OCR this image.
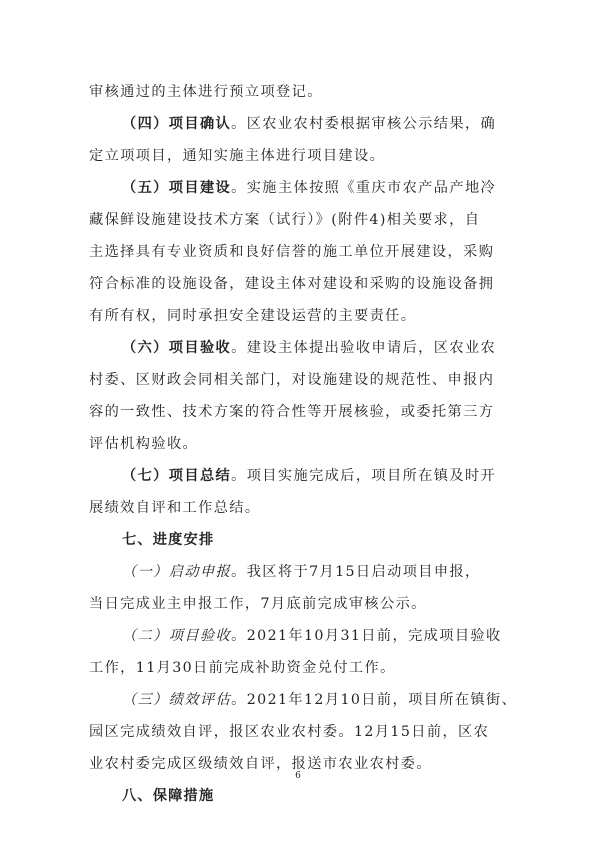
审核通过的主体进行预立项登记。
（四）项目确认。区农业农村委根据审核公示结果，确
定立项项目，通知实施主体进行项目建设。
（五）项目建设。实施主体按照《重庆市农产品产地冷
藏保鲜设施建设技术方案（试行）》(附件4)相关要求，自
主选择具有专业资质和良好信誉的施工单位开展建设，采购
符合标准的设施设备，建设主体对建设和采购的设施设备拥
有所有权，同时承担安全建设运营的主要责任。
（六）项目验收。建设主体提出验收申请后，区农业农
村委、区财政会同相关部门，对设施建设的规范性、申报内
容的一致性、技术方案的符合性等开展核验，或委托第三方
评估机构验收。
（七）项目总结。项目实施完成后，项目所在镇及时开
展绩效自评和工作总结。
七、进度安排
（一）启动申报。我区将于7月15日启动项目申报，
当日完成业主申报工作，7月底前完成审核公示。
（二）项目验收。2021年10月31日前，完成项目验收
工作，11月30日前完成补助资金兑付工作。
（三）绩效评估。2021年12月10日前，项目所在镇街、
园区完成绩效自评，报区农业农村委。12月15日前，区农
业农村委完成区级绩效自评，报送市农业农村委。
八、保障措施
6
